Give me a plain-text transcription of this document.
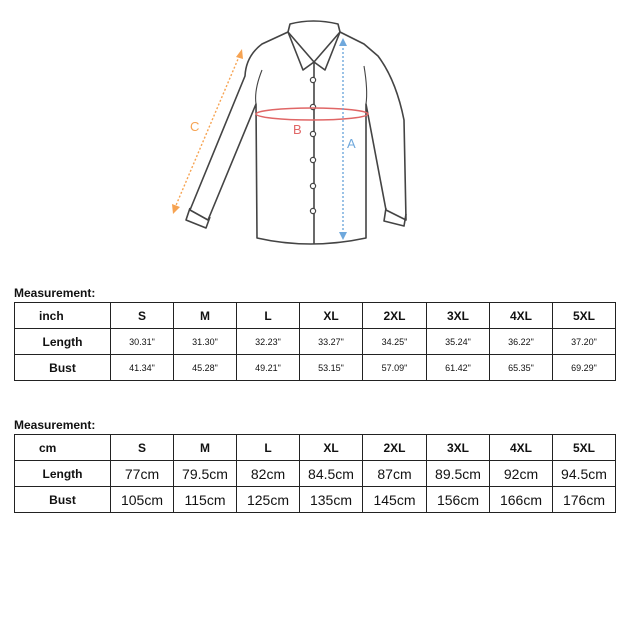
B
A
C
Measurement:
inch	S	M	L	XL	2XL	3XL	4XL	5XL
Length	30.31"	31.30"	32.23"	33.27"	34.25"	35.24"	36.22"	37.20"
Bust	41.34"	45.28"	49.21"	53.15"	57.09"	61.42"	65.35"	69.29"
Measurement:
cm	S	M	L	XL	2XL	3XL	4XL	5XL
Length	77cm	79.5cm	82cm	84.5cm	87cm	89.5cm	92cm	94.5cm
Bust	105cm	115cm	125cm	135cm	145cm	156cm	166cm	176cm
